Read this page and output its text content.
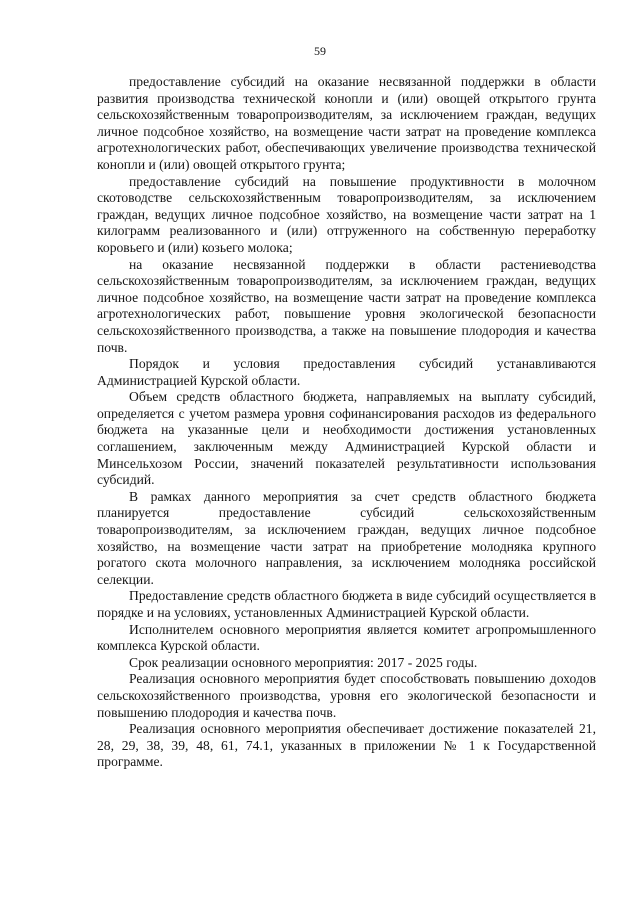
59

предоставление субсидий на оказание несвязанной поддержки в области развития производства технической конопли и (или) овощей открытого грунта сельскохозяйственным товаропроизводителям, за исключением граждан, ведущих личное подсобное хозяйство, на возмещение части затрат на проведение комплекса агротехнологических работ, обеспечивающих увеличение производства технической конопли и (или) овощей открытого грунта;

предоставление субсидий на повышение продуктивности в молочном скотоводстве сельскохозяйственным товаропроизводителям, за исключением граждан, ведущих личное подсобное хозяйство, на возмещение части затрат на 1 килограмм реализованного и (или) отгруженного на собственную переработку коровьего и (или) козьего молока;

на оказание несвязанной поддержки в области растениеводства сельскохозяйственным товаропроизводителям, за исключением граждан, ведущих личное подсобное хозяйство, на возмещение части затрат на проведение комплекса агротехнологических работ, повышение уровня экологической безопасности сельскохозяйственного производства, а также на повышение плодородия и качества почв.

Порядок и условия предоставления субсидий устанавливаются Администрацией Курской области.

Объем средств областного бюджета, направляемых на выплату субсидий, определяется с учетом размера уровня софинансирования расходов из федерального бюджета на указанные цели и необходимости достижения установленных соглашением, заключенным между Администрацией Курской области и Минсельхозом России, значений показателей результативности использования субсидий.

В рамках данного мероприятия за счет средств областного бюджета планируется предоставление субсидий сельскохозяйственным товаропроизводителям, за исключением граждан, ведущих личное подсобное хозяйство, на возмещение части затрат на приобретение молодняка крупного рогатого скота молочного направления, за исключением молодняка российской селекции.

Предоставление средств областного бюджета в виде субсидий осуществляется в порядке и на условиях, установленных Администрацией Курской области.

Исполнителем основного мероприятия является комитет агропромышленного комплекса Курской области.

Срок реализации основного мероприятия: 2017 - 2025 годы.

Реализация основного мероприятия будет способствовать повышению доходов сельскохозяйственного производства, уровня его экологической безопасности и повышению плодородия и качества почв.

Реализация основного мероприятия обеспечивает достижение показателей 21, 28, 29, 38, 39, 48, 61, 74.1, указанных в приложении № 1 к Государственной программе.
